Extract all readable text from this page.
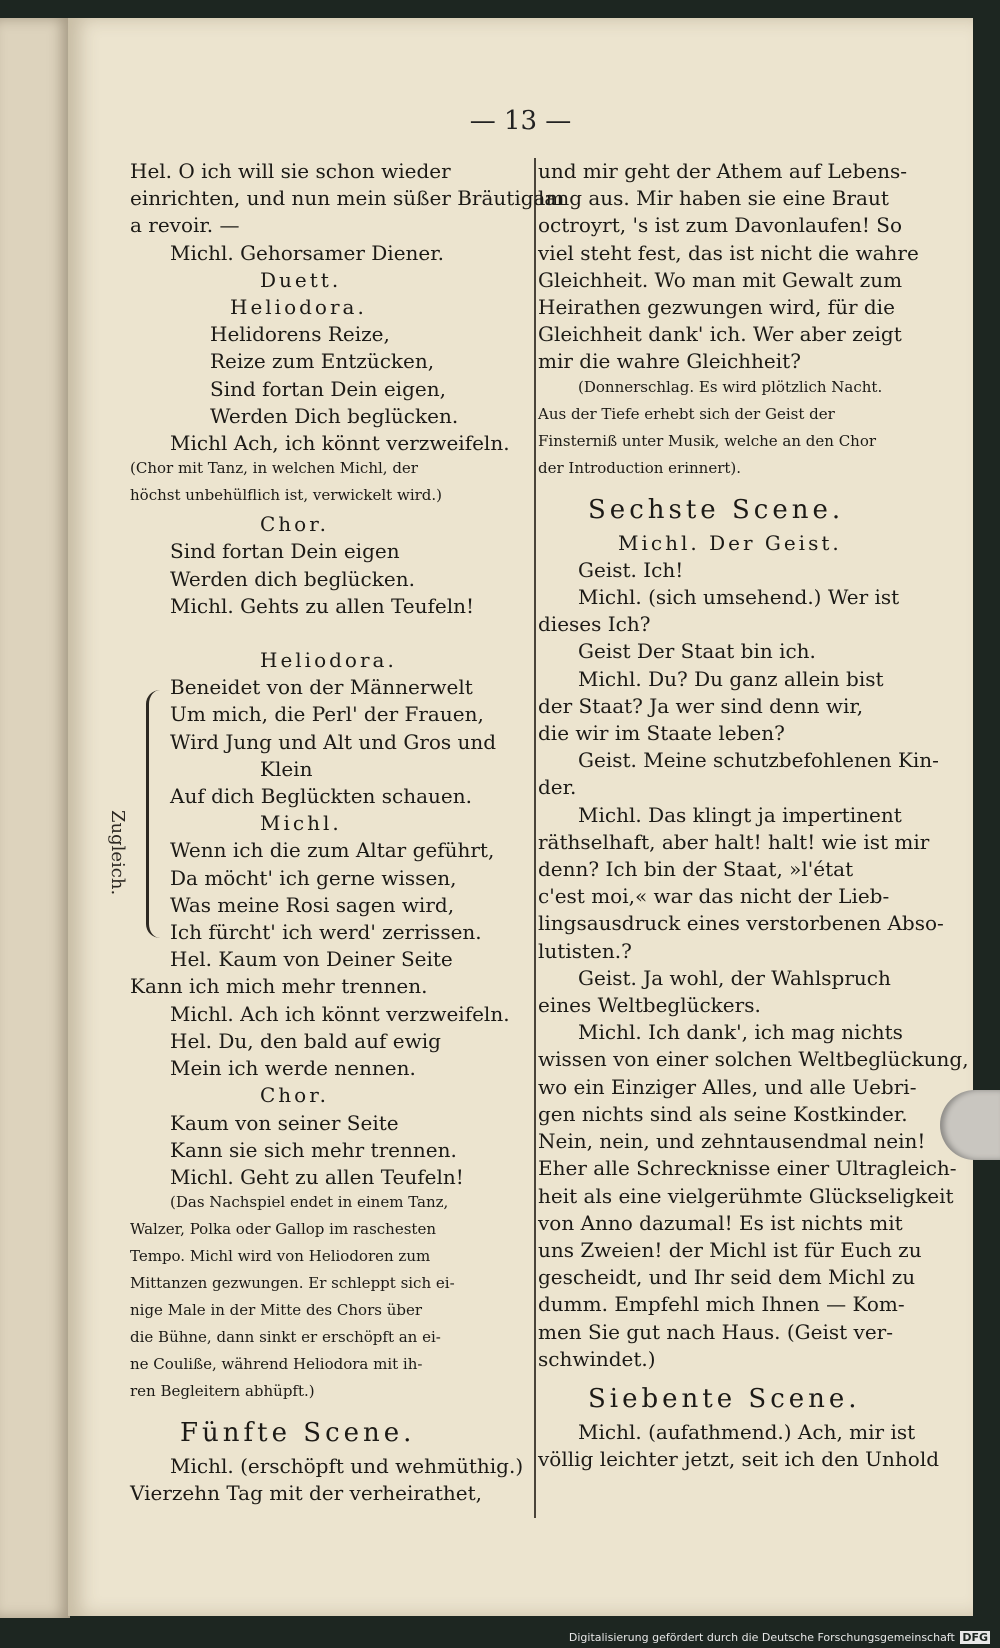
— 13 —
Hel. O ich will sie schon wieder
einrichten, und nun mein süßer Bräutigam
a revoir. —
Michl. Gehorsamer Diener.
Duett.
Heliodora.
Helidorens Reize,
Reize zum Entzücken,
Sind fortan Dein eigen,
Werden Dich beglücken.
Michl Ach, ich könnt verzweifeln.
(Chor mit Tanz, in welchen Michl, der
höchst unbehülflich ist, verwickelt wird.)
Chor.
Sind fortan Dein eigen
Werden dich beglücken.
Michl. Gehts zu allen Teufeln!
Heliodora.
Beneidet von der Männerwelt
Um mich, die Perl' der Frauen,
Wird Jung und Alt und Gros und
Klein
Auf dich Beglückten schauen.
Michl.
Wenn ich die zum Altar geführt,
Da möcht' ich gerne wissen,
Was meine Rosi sagen wird,
Ich fürcht' ich werd' zerrissen.
Hel. Kaum von Deiner Seite
Kann ich mich mehr trennen.
Michl. Ach ich könnt verzweifeln.
Hel. Du, den bald auf ewig
Mein ich werde nennen.
Chor.
Kaum von seiner Seite
Kann sie sich mehr trennen.
Michl. Geht zu allen Teufeln!
(Das Nachspiel endet in einem Tanz,
Walzer, Polka oder Gallop im raschesten
Tempo. Michl wird von Heliodoren zum
Mittanzen gezwungen. Er schleppt sich ei-
nige Male in der Mitte des Chors über
die Bühne, dann sinkt er erschöpft an ei-
ne Couliße, während Heliodora mit ih-
ren Begleitern abhüpft.)
Fünfte Scene.
Michl. (erschöpft und wehmüthig.)
Vierzehn Tag mit der verheirathet,
und mir geht der Athem auf Lebens-
lang aus. Mir haben sie eine Braut
octroyrt, 's ist zum Davonlaufen! So
viel steht fest, das ist nicht die wahre
Gleichheit. Wo man mit Gewalt zum
Heirathen gezwungen wird, für die
Gleichheit dank' ich. Wer aber zeigt
mir die wahre Gleichheit?
(Donnerschlag. Es wird plötzlich Nacht.
Aus der Tiefe erhebt sich der Geist der
Finsterniß unter Musik, welche an den Chor
der Introduction erinnert).
Sechste Scene.
Michl. Der Geist.
Geist. Ich!
Michl. (sich umsehend.) Wer ist
dieses Ich?
Geist Der Staat bin ich.
Michl. Du? Du ganz allein bist
der Staat? Ja wer sind denn wir,
die wir im Staate leben?
Geist. Meine schutzbefohlenen Kin-
der.
Michl. Das klingt ja impertinent
räthselhaft, aber halt! halt! wie ist mir
denn? Ich bin der Staat, »l'état
c'est moi,« war das nicht der Lieb-
lingsausdruck eines verstorbenen Abso-
lutisten.?
Geist. Ja wohl, der Wahlspruch
eines Weltbeglückers.
Michl. Ich dank', ich mag nichts
wissen von einer solchen Weltbeglückung,
wo ein Einziger Alles, und alle Uebri-
gen nichts sind als seine Kostkinder.
Nein, nein, und zehntausendmal nein!
Eher alle Schrecknisse einer Ultragleich-
heit als eine vielgerühmte Glückseligkeit
von Anno dazumal! Es ist nichts mit
uns Zweien! der Michl ist für Euch zu
gescheidt, und Ihr seid dem Michl zu
dumm. Empfehl mich Ihnen — Kom-
men Sie gut nach Haus. (Geist ver-
schwindet.)
Siebente Scene.
Michl. (aufathmend.) Ach, mir ist
völlig leichter jetzt, seit ich den Unhold
Zugleich.
Digitalisierung gefördert durch die Deutsche Forschungsgemeinschaft DFG
